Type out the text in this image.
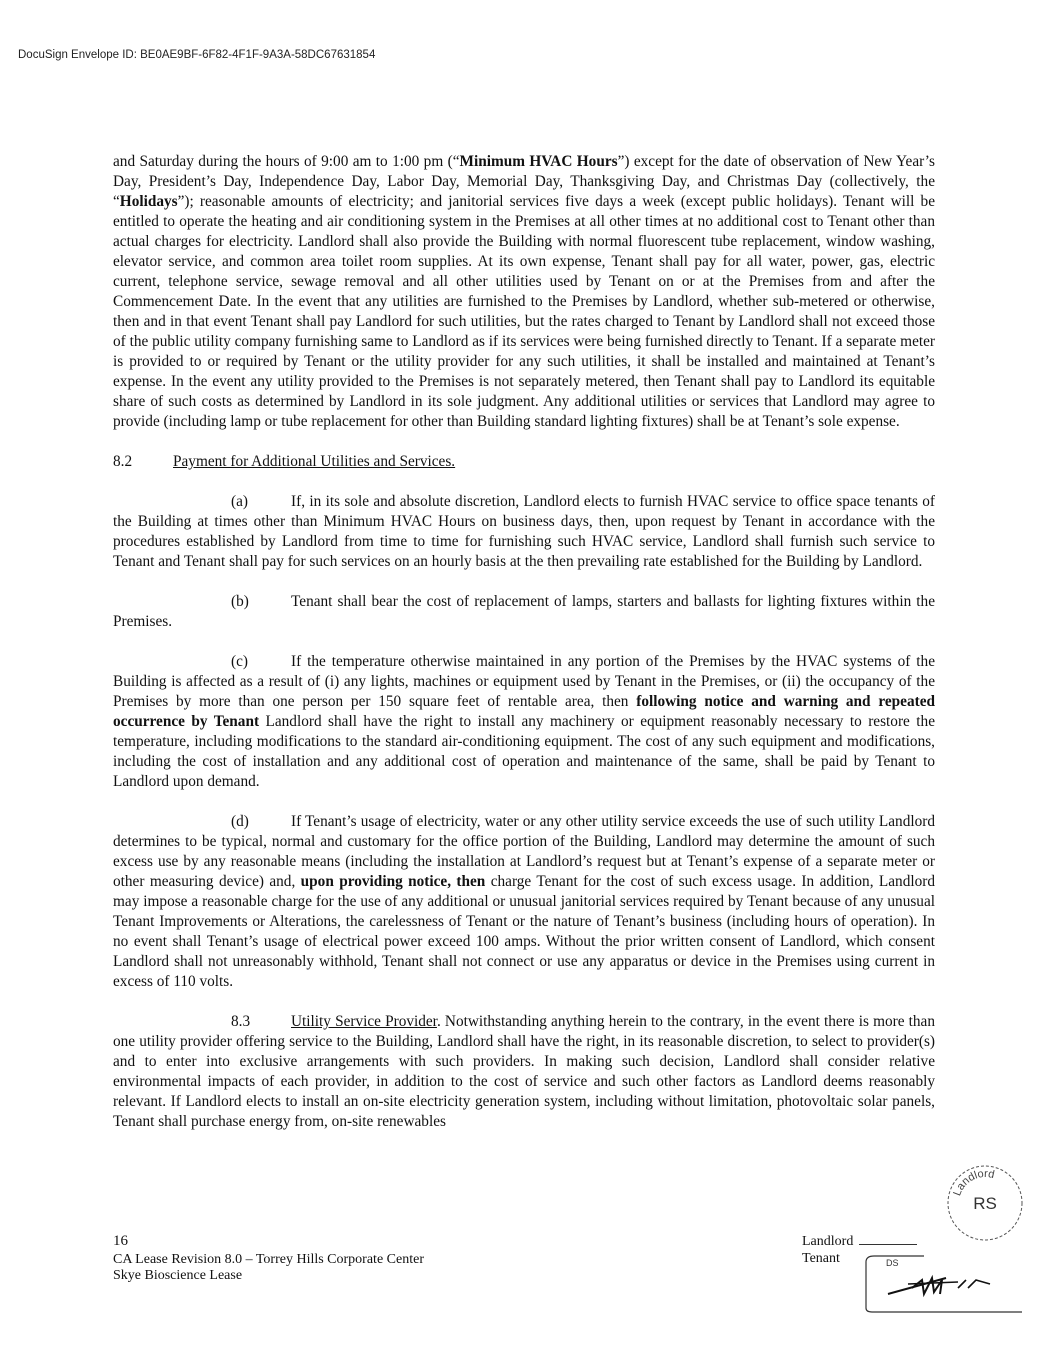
DocuSign Envelope ID: BE0AE9BF-6F82-4F1F-9A3A-58DC67631854

and Saturday during the hours of 9:00 am to 1:00 pm (“Minimum HVAC Hours”) except for the date of observation of New Year’s Day, President’s Day, Independence Day, Labor Day, Memorial Day, Thanksgiving Day, and Christmas Day (collectively, the “Holidays”); reasonable amounts of electricity; and janitorial services five days a week (except public holidays). Tenant will be entitled to operate the heating and air conditioning system in the Premises at all other times at no additional cost to Tenant other than actual charges for electricity. Landlord shall also provide the Building with normal fluorescent tube replacement, window washing, elevator service, and common area toilet room supplies. At its own expense, Tenant shall pay for all water, power, gas, electric current, telephone service, sewage removal and all other utilities used by Tenant on or at the Premises from and after the Commencement Date. In the event that any utilities are furnished to the Premises by Landlord, whether sub-metered or otherwise, then and in that event Tenant shall pay Landlord for such utilities, but the rates charged to Tenant by Landlord shall not exceed those of the public utility company furnishing same to Landlord as if its services were being furnished directly to Tenant. If a separate meter is provided to or required by Tenant or the utility provider for any such utilities, it shall be installed and maintained at Tenant’s expense. In the event any utility provided to the Premises is not separately metered, then Tenant shall pay to Landlord its equitable share of such costs as determined by Landlord in its sole judgment. Any additional utilities or services that Landlord may agree to provide (including lamp or tube replacement for other than Building standard lighting fixtures) shall be at Tenant’s sole expense.

8.2	Payment for Additional Utilities and Services.

(a)	If, in its sole and absolute discretion, Landlord elects to furnish HVAC service to office space tenants of the Building at times other than Minimum HVAC Hours on business days, then, upon request by Tenant in accordance with the procedures established by Landlord from time to time for furnishing such HVAC service, Landlord shall furnish such service to Tenant and Tenant shall pay for such services on an hourly basis at the then prevailing rate established for the Building by Landlord.

(b)	Tenant shall bear the cost of replacement of lamps, starters and ballasts for lighting fixtures within the Premises.

(c)	If the temperature otherwise maintained in any portion of the Premises by the HVAC systems of the Building is affected as a result of (i) any lights, machines or equipment used by Tenant in the Premises, or (ii) the occupancy of the Premises by more than one person per 150 square feet of rentable area, then following notice and warning and repeated occurrence by Tenant Landlord shall have the right to install any machinery or equipment reasonably necessary to restore the temperature, including modifications to the standard air-conditioning equipment. The cost of any such equipment and modifications, including the cost of installation and any additional cost of operation and maintenance of the same, shall be paid by Tenant to Landlord upon demand.

(d)	If Tenant’s usage of electricity, water or any other utility service exceeds the use of such utility Landlord determines to be typical, normal and customary for the office portion of the Building, Landlord may determine the amount of such excess use by any reasonable means (including the installation at Landlord’s request but at Tenant’s expense of a separate meter or other measuring device) and, upon providing notice, then charge Tenant for the cost of such excess usage. In addition, Landlord may impose a reasonable charge for the use of any additional or unusual janitorial services required by Tenant because of any unusual Tenant Improvements or Alterations, the carelessness of Tenant or the nature of Tenant’s business (including hours of operation). In no event shall Tenant’s usage of electrical power exceed 100 amps. Without the prior written consent of Landlord, which consent Landlord shall not unreasonably withhold, Tenant shall not connect or use any apparatus or device in the Premises using current in excess of 110 volts.

8.3	Utility Service Provider. Notwithstanding anything herein to the contrary, in the event there is more than one utility provider offering service to the Building, Landlord shall have the right, in its reasonable discretion, to select to provider(s) and to enter into exclusive arrangements with such providers. In making such decision, Landlord shall consider relative environmental impacts of each provider, in addition to the cost of service and such other factors as Landlord deems reasonably relevant. If Landlord elects to install an on-site electricity generation system, including without limitation, photovoltaic solar panels, Tenant shall purchase energy from, on-site renewables

16
CA Lease Revision 8.0 – Torrey Hills Corporate Center
Skye Bioscience Lease
Landlord
Tenant
Landlord
RS
DS
